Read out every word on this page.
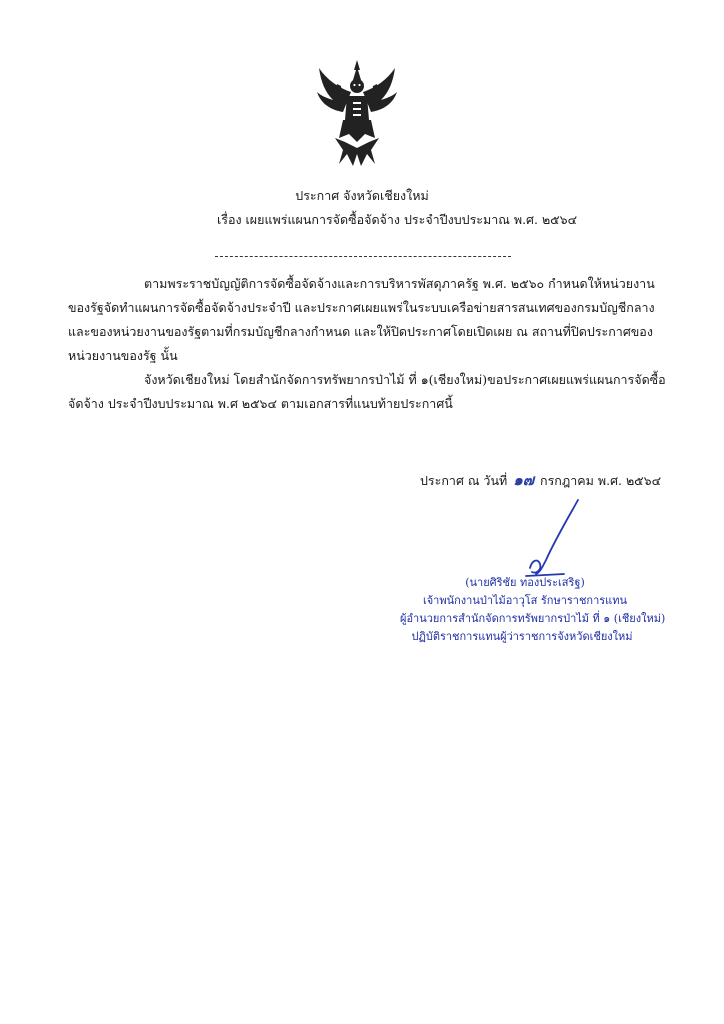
ประกาศ จังหวัดเชียงใหม่
เรื่อง เผยแพร่แผนการจัดซื้อจัดจ้าง ประจำปีงบประมาณ พ.ศ. ๒๕๖๔

ตามพระราชบัญญัติการจัดซื้อจัดจ้างและการบริหารพัสดุภาครัฐ พ.ศ. ๒๕๖๐ กำหนดให้หน่วยงานของรัฐจัดทำแผนการจัดซื้อจัดจ้างประจำปี และประกาศเผยแพร่ในระบบเครือข่ายสารสนเทศของกรมบัญชีกลางและของหน่วยงานของรัฐตามที่กรมบัญชีกลางกำหนด และให้ปิดประกาศโดยเปิดเผย ณ สถานที่ปิดประกาศของหน่วยงานของรัฐ นั้น

จังหวัดเชียงใหม่ โดยสำนักจัดการทรัพยากรป่าไม้ ที่ ๑(เชียงใหม่)ขอประกาศเผยแพร่แผนการจัดซื้อจัดจ้าง ประจำปีงบประมาณ พ.ศ ๒๕๖๔ ตามเอกสารที่แนบท้ายประกาศนี้

ประกาศ ณ วันที่ ๑๗ กรกฎาคม พ.ศ. ๒๕๖๔
(นายศิริชัย ทองประเสริฐ)
เจ้าพนักงานป่าไม้อาวุโส รักษาราชการแทน
ผู้อำนวยการสำนักจัดการทรัพยากรป่าไม้ ที่ ๑ (เชียงใหม่)
ปฏิบัติราชการแทนผู้ว่าราชการจังหวัดเชียงใหม่
